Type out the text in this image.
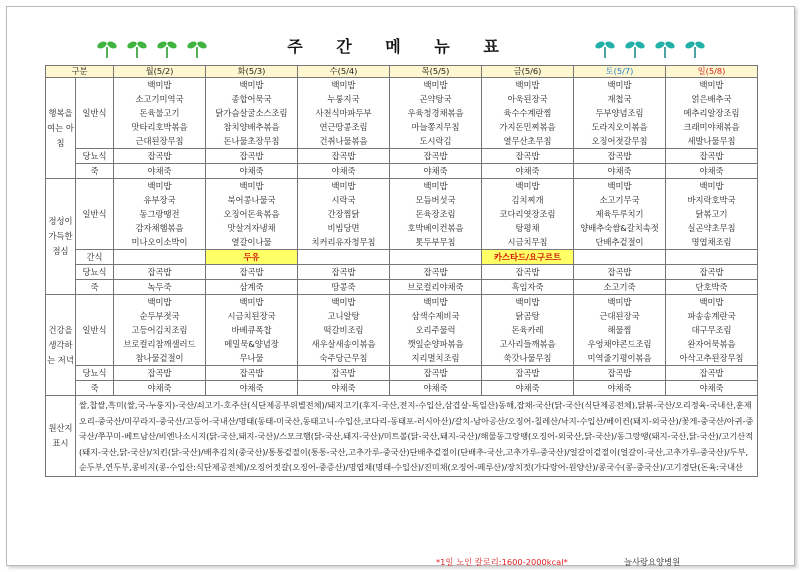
주 간 메 뉴 표
구분		월(5/2)	화(5/3)	수(5/4)	목(5/5)	금(5/6)	토(5/7)	일(5/8)
행복을 여는 아침	일반식	백미밥	백미밥	백미밥	백미밥	백미밥	백미밥	백미밥
		소고기미역국	종합어묵국	누룽지국	곤약탕국	아욱된장국	재첩국	얽은배추국
		돈육불고기	닭가슴살굴소스조림	사천식마파두부	우육청경채볶음	육수수계란찜	두부양념조림	메추리알장조림
		맛타리호박볶음	참치양배추볶음	연근땅콩조림	마늘쫑지무침	가지돈민찌볶음	도라지오이볶음	크래미야채볶음
		근대된장무침	돈나물초장무침	건취나물볶음	도시락김	열무산초무침	오징어젓갈무침	세발나물무침
	당뇨식	잡곡밥	잡곡밥	잡곡밥	잡곡밥	잡곡밥	잡곡밥	잡곡밥
	죽	야채죽	야채죽	야채죽	야채죽	야채죽	야채죽	야채죽
정성이 가득한 점심	일반식	백미밥	백미밥	백미밥	백미밥	백미밥	백미밥	백미밥
		유부장국	북어콩나물국	시락국	모듬버섯국	김치찌개	소고기무국	바지락호박국
		동그랑땡전	오징어돈육볶음	간장찜닭	돈육장조림	코다리엿장조림	제육두루치기	닭볶고기
		감자채햄볶음	맛살겨자냉채	비빔당면	호박베이컨볶음	탕평채	양배추숙쌈&갈치속젓	실곤약초무침
		미나오이소박이	열갈이나물	치커리유자청무침	톳두부무침	시금치무침	단배추겉절이	명엽채조림
	간식		두유			카스타드/요구르트		
	당뇨식	잡곡밥	잡곡밥	잡곡밥	잡곡밥	잡곡밥	잡곡밥	잡곡밥
	죽	녹두죽	삼계죽	땅콩죽	브로컬리야채죽	흑임자죽	소고기죽	단호박죽
건강을 생각하는 저녁	일반식	백미밥	백미밥	백미밥	백미밥	백미밥	백미밥	백미밥
		순두부젓국	시금치된장국	고니알탕	삼색수제비국	닭곰탕	근대된장국	파송송계란국
		고등어김치조림	바베큐폭찹	떡갈비조림	오리주물럭	돈육카레	해물찜	대구무조림
		브로컬리참깨샐러드	메밀묵&양념장	새우살새송이볶음	깻잎순양파볶음	고사리들깨볶음	우엉채야콘드조림	완자어묵볶음
		참나물겉절이	무나물	숙주당근무침	지리멸치조림	쑥갓나물무침	미역줄기평이볶음	아삭고추된장무침
	당뇨식	잡곡밥	잡곡밥	잡곡밥	잡곡밥	잡곡밥	잡곡밥	잡곡밥
	죽	야채죽	야채죽	야채죽	야채죽	야채죽	야채죽	야채죽
원산지 표시	쌀,찹쌀,흑미(쌀,국-누룽지)-국산/쇠고기-호주산(식단제공부위별전체)/돼지고기(후지-국산,전지-수입산,삼겹살-독일산)동해,잡채-국산(닭-국산(식단제공전체),닭볶-국산/오리정육-국내산,훈제오리-중국산/미꾸라지-중국산/고등어-국내산/명태(동태-미국산,동태고니-수입산,코다리-동태포-러시아산)/갈치-남아공산/오징어-칠레산/낙지-수입산/베이컨(돼지-외국산)/꽃게-중국산/아귀-중국산/쭈꾸미-베트남산/비엔나소시지(닭-국산,돼지-국산)/스모크햄(닭-국산,돼지-국산)/미트볼(닭-국산,돼지-국산)/해물동그랑땡(오징어-외국산,닭-국산)/동그랑땡(돼지-국산,닭-국산)/고기산적(돼지-국산,닭-국산)/치킨(닭-국산)/배추김치(중국산)/통통겉절이(통통-국산,고추가루-중국산)단배추겉절이(단배추-국산,고추가루-중국산)/얼갈이겉절이(얼갈이-국산,고추가루-중국산)/두부,순두부,연두부,콩비지(콩-수입산:식단제공전체)/오징어젓갈(오징어-중증산)/명엽채(명태-수입산)/진미채(오징어-페루산)/장치젓(가다랑어-원양산)/콩국수(콩-중국산)/고기경단(돈육:국내산							
*1일 노인 칼로리:1600-2000kcal*	늘사랑요양병원
